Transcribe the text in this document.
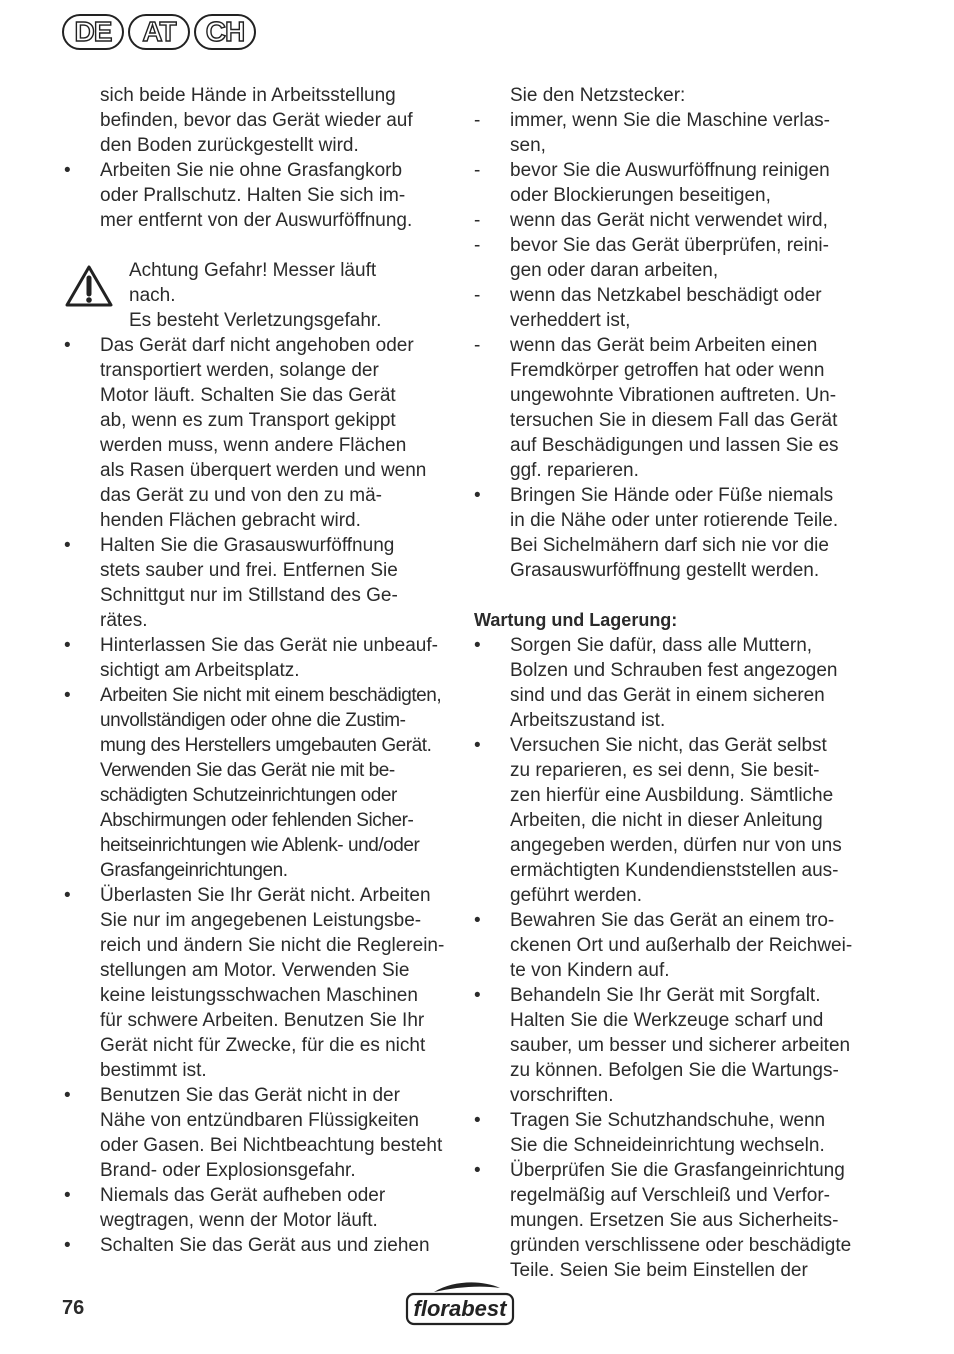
DE	AT	CH
sich beide Hände in Arbeitsstellung
befinden, bevor das Gerät wieder auf
den Boden zurückgestellt wird.
•	Arbeiten Sie nie ohne Grasfangkorb
oder Prallschutz. Halten Sie sich im-
mer entfernt von der Auswurföffnung.
Achtung Gefahr! Messer läuft
nach.
Es besteht Verletzungsgefahr.
•	Das Gerät darf nicht angehoben oder
transportiert werden, solange der
Motor läuft. Schalten Sie das Gerät
ab, wenn es zum Transport gekippt
werden muss, wenn andere Flächen
als Rasen überquert werden und wenn
das Gerät zu und von den zu mä-
henden Flächen gebracht wird.
•	Halten Sie die Grasauswurföffnung
stets sauber und frei. Entfernen Sie
Schnittgut nur im Stillstand des Ge-
rätes.
•	Hinterlassen Sie das Gerät nie unbeauf-
sichtigt am Arbeitsplatz.
•	Arbeiten Sie nicht mit einem beschädigten,
unvollständigen oder ohne die Zustim-
mung des Herstellers umgebauten Gerät.
Verwenden Sie das Gerät nie mit be-
schädigten Schutzeinrichtungen oder
Abschirmungen oder fehlenden Sicher-
heitseinrichtungen wie Ablenk- und/oder
Grasfangeinrichtungen.
•	Überlasten Sie Ihr Gerät nicht. Arbeiten
Sie nur im angegebenen Leistungsbe-
reich und ändern Sie nicht die Reglerein-
stellungen am Motor. Verwenden Sie
keine leistungsschwachen Maschinen
für schwere Arbeiten. Benutzen Sie Ihr
Gerät nicht für Zwecke, für die es nicht
bestimmt ist.
•	Benutzen Sie das Gerät nicht in der
Nähe von entzündbaren Flüssigkeiten
oder Gasen. Bei Nichtbeachtung besteht
Brand- oder Explosionsgefahr.
•	Niemals das Gerät aufheben oder
wegtragen, wenn der Motor läuft.
•	Schalten Sie das Gerät aus und ziehen
Sie den Netzstecker:
-	immer, wenn Sie die Maschine verlas-
sen,
-	bevor Sie die Auswurföffnung reinigen
oder Blockierungen beseitigen,
-	wenn das Gerät nicht verwendet wird,
-	bevor Sie das Gerät überprüfen, reini-
gen oder daran arbeiten,
-	wenn das Netzkabel beschädigt oder
verheddert ist,
-	wenn das Gerät beim Arbeiten einen
Fremdkörper getroffen hat oder wenn
ungewohnte Vibrationen auftreten. Un-
tersuchen Sie in diesem Fall das Gerät
auf Beschädigungen und lassen Sie es
ggf. reparieren.
•	Bringen Sie Hände oder Füße niemals
in die Nähe oder unter rotierende Teile.
Bei Sichelmähern darf sich nie vor die
Grasauswurföffnung gestellt werden.
Wartung und Lagerung:
•	Sorgen Sie dafür, dass alle Muttern,
Bolzen und Schrauben fest angezogen
sind und das Gerät in einem sicheren
Arbeitszustand ist.
•	Versuchen Sie nicht, das Gerät selbst
zu reparieren, es sei denn, Sie besit-
zen hierfür eine Ausbildung. Sämtliche
Arbeiten, die nicht in dieser Anleitung
angegeben werden, dürfen nur von uns
ermächtigten Kundendienststellen aus-
geführt werden.
•	Bewahren Sie das Gerät an einem tro-
ckenen Ort und außerhalb der Reichwei-
te von Kindern auf.
•	Behandeln Sie Ihr Gerät mit Sorgfalt.
Halten Sie die Werkzeuge scharf und
sauber, um besser und sicherer arbeiten
zu können. Befolgen Sie die Wartungs-
vorschriften.
•	Tragen Sie Schutzhandschuhe, wenn
Sie die Schneideinrichtung wechseln.
•	Überprüfen Sie die Grasfangeinrichtung
regelmäßig auf Verschleiß und Verfor-
mungen. Ersetzen Sie aus Sicherheits-
gründen verschlissene oder beschädigte
Teile. Seien Sie beim Einstellen der
76	florabest
